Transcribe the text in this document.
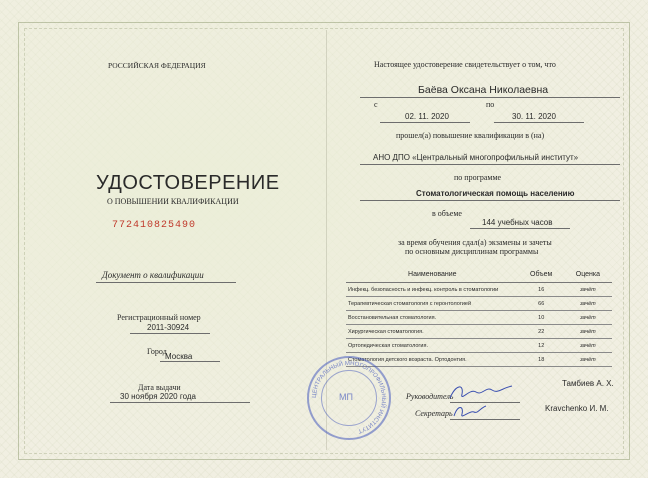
РОССИЙСКАЯ ФЕДЕРАЦИЯ
УДОСТОВЕРЕНИЕ
О ПОВЫШЕНИИ КВАЛИФИКАЦИИ
772410825490
Документ о квалификации
Регистрационный номер
2011-30924
Город
Москва
Дата выдачи
30 ноября 2020 года
Настоящее удостоверение свидетельствует о том, что
Баёва Оксана Николаевна
с
02. 11. 2020
по
30. 11. 2020
прошел(а) повышение квалификации в (на)
АНО ДПО «Центральный многопрофильный институт»
по программе
Стоматологическая помощь населению
в объеме
144 учебных часов
за время обучения сдал(а) экзамены и зачеты
по основным дисциплинам программы
Наименование	Объем	Оценка
Инфекц. безопасность и инфекц. контроль в стоматологии	16	зачёт
Терапевтическая стоматология с геронтологией	66	зачёт
Восстановительная стоматология.	10	зачёт
Хирургическая стоматология.	22	зачёт
Ортопедическая стоматология.	12	зачёт
Стоматология детского возраста. Ортодонтия.	18	зачёт
ЦЕНТРАЛЬНЫЙ МНОГОПРОФИЛЬНЫЙ ИНСТИТУТ
МП	Руководитель
Тамбиев А. Х.
Секретарь
Kravchenko И. М.
